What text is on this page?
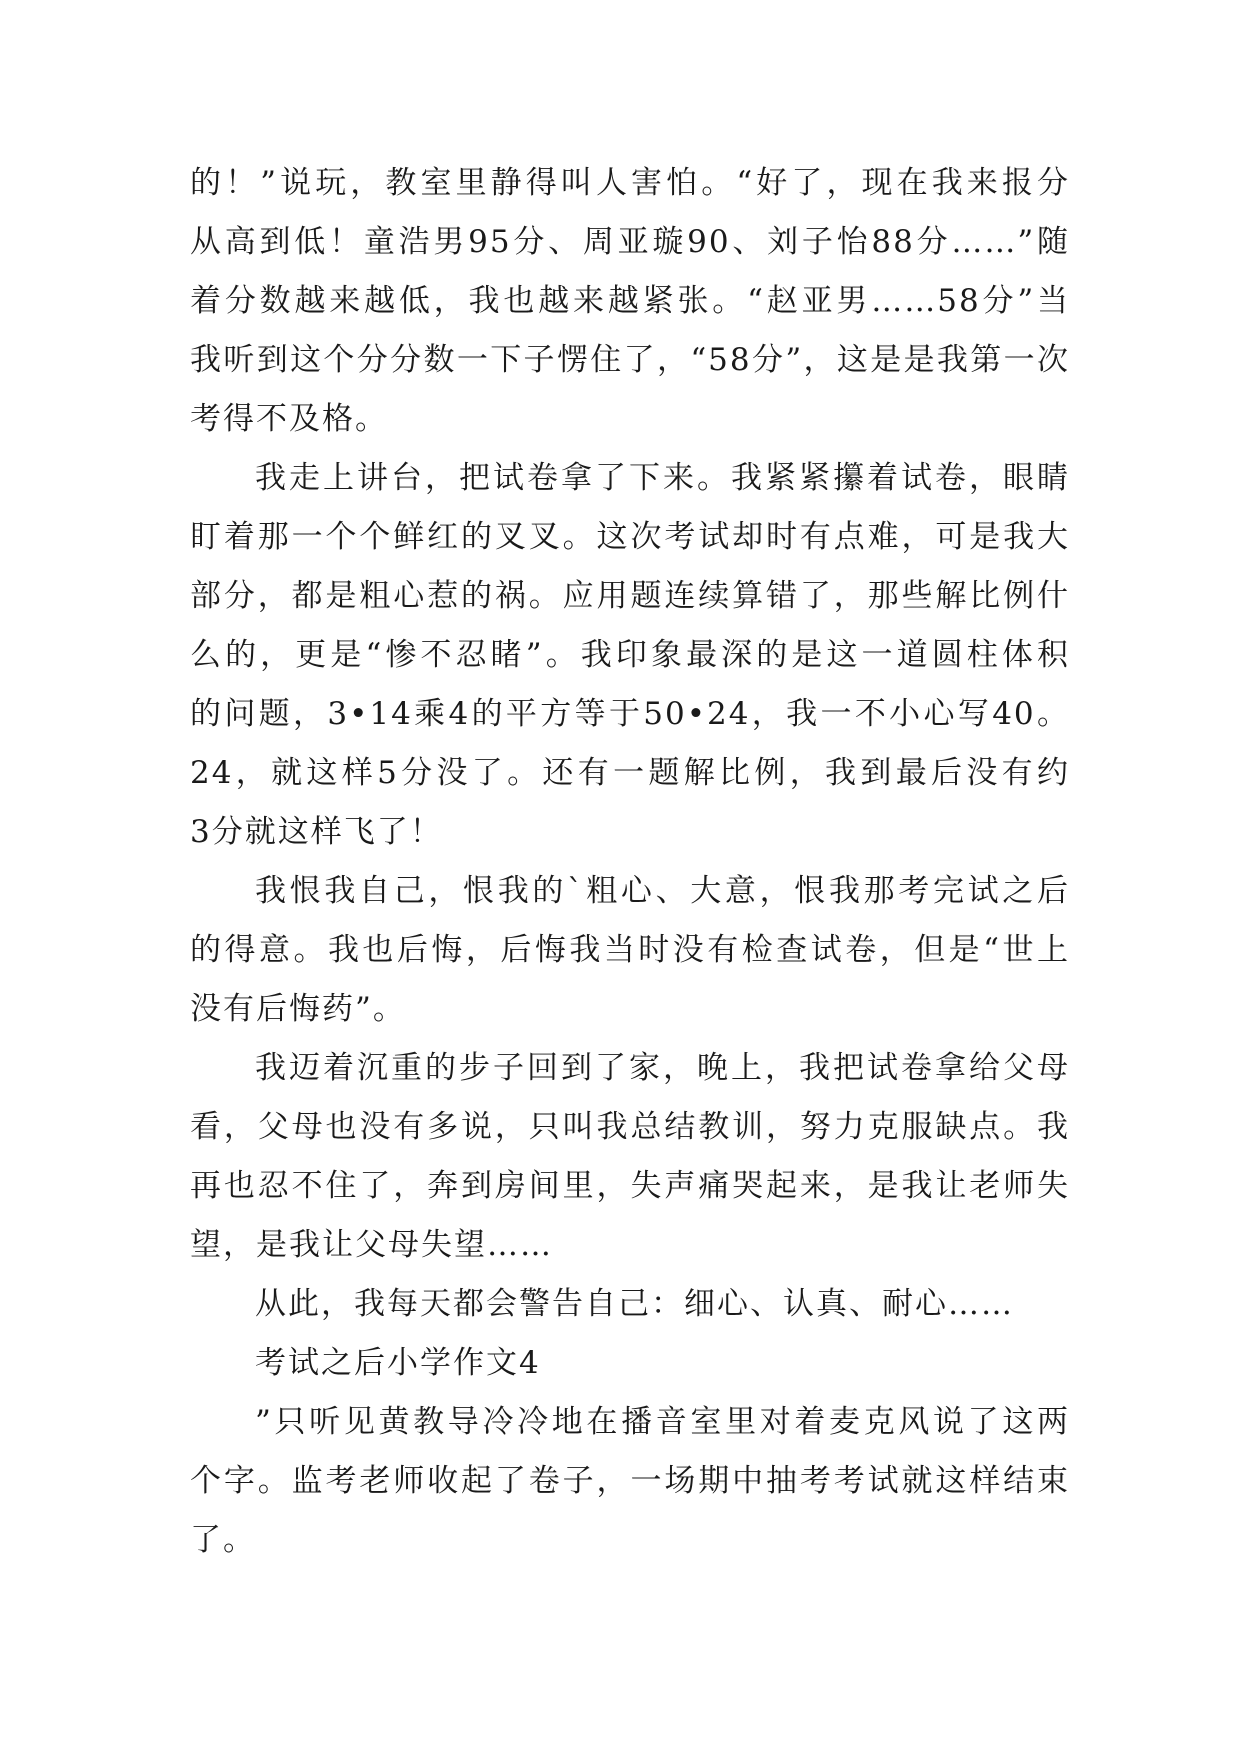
的！”说玩，教室里静得叫人害怕。“好了，现在我来报分
从高到低！童浩男95分、周亚璇90、刘子怡88分……”随
着分数越来越低，我也越来越紧张。“赵亚男……58分”当
我听到这个分分数一下子愣住了，“58分”，这是是我第一次
考得不及格。
我走上讲台，把试卷拿了下来。我紧紧攥着试卷，眼睛
盯着那一个个鲜红的叉叉。这次考试却时有点难，可是我大
部分，都是粗心惹的祸。应用题连续算错了，那些解比例什
么的，更是“惨不忍睹”。我印象最深的是这一道圆柱体积
的问题，3•14乘4的平方等于50•24，我一不小心写40。
24，就这样5分没了。还有一题解比例，我到最后没有约
3分就这样飞了！
我恨我自己，恨我的`粗心、大意，恨我那考完试之后
的得意。我也后悔，后悔我当时没有检查试卷，但是“世上
没有后悔药”。
我迈着沉重的步子回到了家，晚上，我把试卷拿给父母
看，父母也没有多说，只叫我总结教训，努力克服缺点。我
再也忍不住了，奔到房间里，失声痛哭起来，是我让老师失
望，是我让父母失望……
从此，我每天都会警告自己：细心、认真、耐心……
考试之后小学作文4
”只听见黄教导冷冷地在播音室里对着麦克风说了这两
个字。监考老师收起了卷子，一场期中抽考考试就这样结束
了。
